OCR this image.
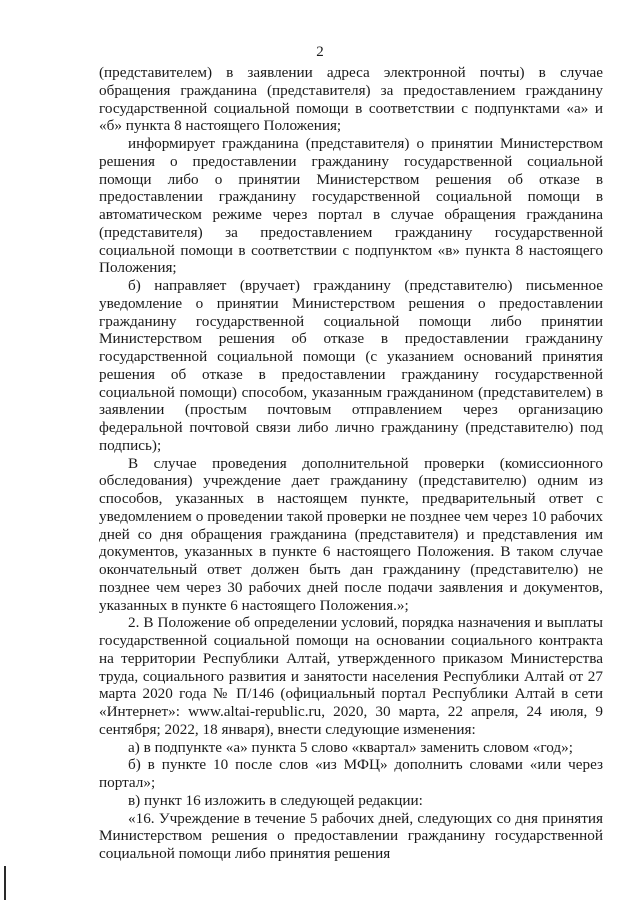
2

(представителем) в заявлении адреса электронной почты) в случае обращения гражданина (представителя) за предоставлением гражданину государственной социальной помощи в соответствии с подпунктами «а» и «б» пункта 8 настоящего Положения;

информирует гражданина (представителя) о принятии Министерством решения о предоставлении гражданину государственной социальной помощи либо о принятии Министерством решения об отказе в предоставлении гражданину государственной социальной помощи в автоматическом режиме через портал в случае обращения гражданина (представителя) за предоставлением гражданину государственной социальной помощи в соответствии с подпунктом «в» пункта 8 настоящего Положения;

б) направляет (вручает) гражданину (представителю) письменное уведомление о принятии Министерством решения о предоставлении гражданину государственной социальной помощи либо принятии Министерством решения об отказе в предоставлении гражданину государственной социальной помощи (с указанием оснований принятия решения об отказе в предоставлении гражданину государственной социальной помощи) способом, указанным гражданином (представителем) в заявлении (простым почтовым отправлением через организацию федеральной почтовой связи либо лично гражданину (представителю) под подпись);

В случае проведения дополнительной проверки (комиссионного обследования) учреждение дает гражданину (представителю) одним из способов, указанных в настоящем пункте, предварительный ответ с уведомлением о проведении такой проверки не позднее чем через 10 рабочих дней со дня обращения гражданина (представителя) и представления им документов, указанных в пункте 6 настоящего Положения. В таком случае окончательный ответ должен быть дан гражданину (представителю) не позднее чем через 30 рабочих дней после подачи заявления и документов, указанных в пункте 6 настоящего Положения.»;

2. В Положение об определении условий, порядка назначения и выплаты государственной социальной помощи на основании социального контракта на территории Республики Алтай, утвержденного приказом Министерства труда, социального развития и занятости населения Республики Алтай от 27 марта 2020 года № П/146 (официальный портал Республики Алтай в сети «Интернет»: www.altai-republic.ru, 2020, 30 марта, 22 апреля, 24 июля, 9 сентября; 2022, 18 января), внести следующие изменения:

а) в подпункте «а» пункта 5 слово «квартал» заменить словом «год»;

б) в пункте 10 после слов «из МФЦ» дополнить словами «или через портал»;

в) пункт 16 изложить в следующей редакции:

«16. Учреждение в течение 5 рабочих дней, следующих со дня принятия Министерством решения о предоставлении гражданину государственной социальной помощи либо принятия решения
